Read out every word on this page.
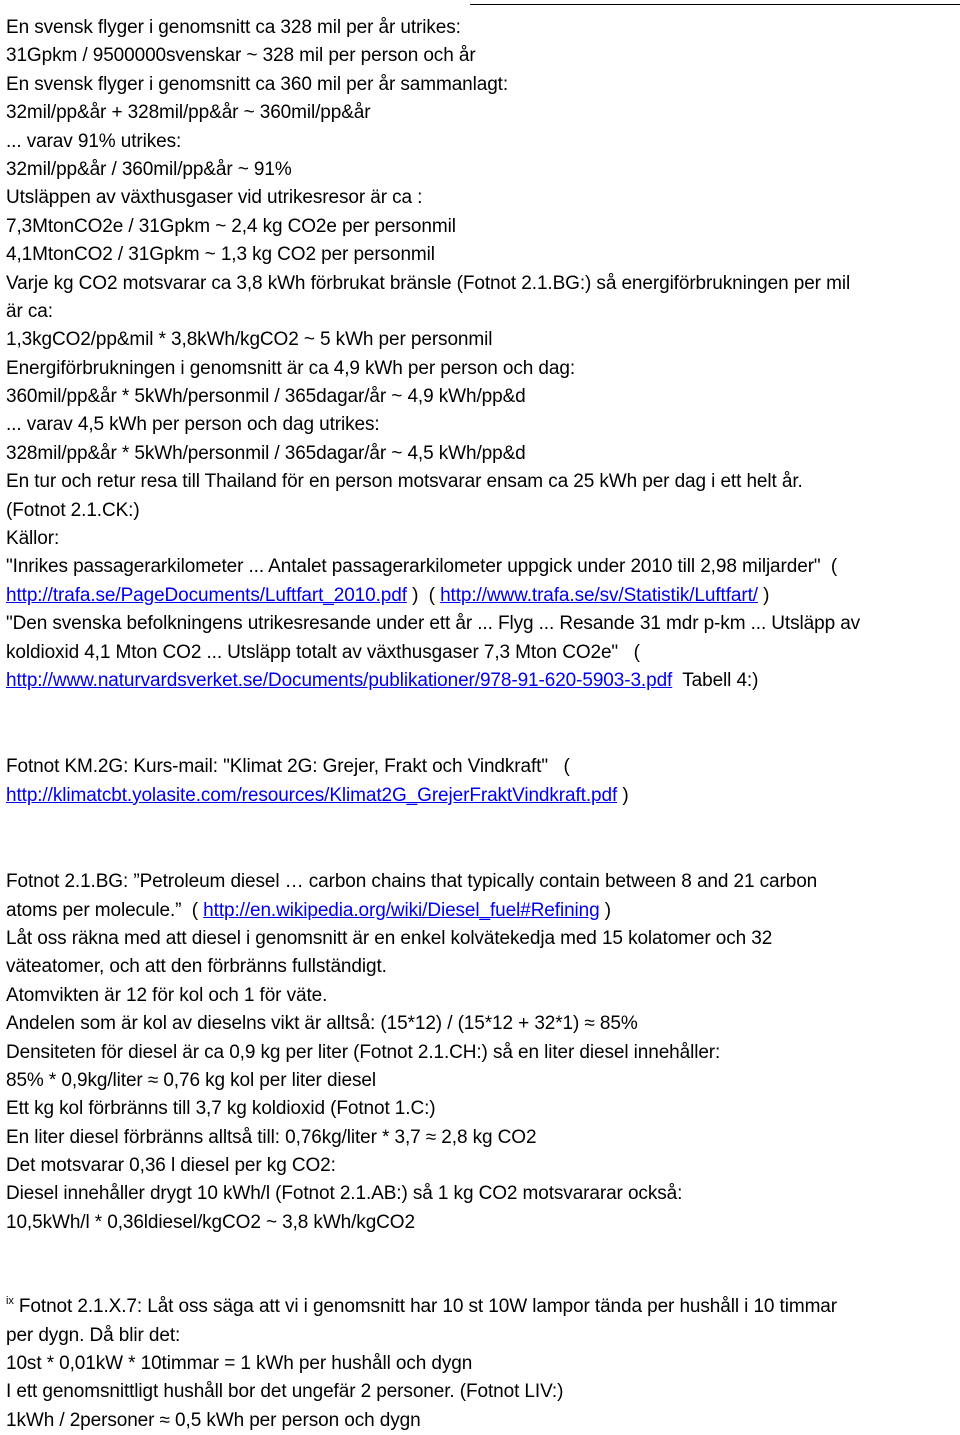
En svensk flyger i genomsnitt ca 328 mil per år utrikes:
31Gpkm / 9500000svenskar ~ 328 mil per person och år
En svensk flyger i genomsnitt ca 360 mil per år sammanlagt:
32mil/pp&år + 328mil/pp&år ~ 360mil/pp&år
... varav 91% utrikes:
32mil/pp&år / 360mil/pp&år ~ 91%
Utsläppen av växthusgaser vid utrikesresor är ca :
7,3MtonCO2e / 31Gpkm ~ 2,4 kg CO2e per personmil
4,1MtonCO2 / 31Gpkm ~ 1,3 kg CO2 per personmil
Varje kg CO2 motsvarar ca 3,8 kWh förbrukat bränsle (Fotnot 2.1.BG:) så energiförbrukningen per mil
är ca:
1,3kgCO2/pp&mil * 3,8kWh/kgCO2 ~ 5 kWh per personmil
Energiförbrukningen i genomsnitt är ca 4,9 kWh per person och dag:
360mil/pp&år * 5kWh/personmil / 365dagar/år ~ 4,9 kWh/pp&d
... varav 4,5 kWh per person och dag utrikes:
328mil/pp&år * 5kWh/personmil / 365dagar/år ~ 4,5 kWh/pp&d
En tur och retur resa till Thailand för en person motsvarar ensam ca 25 kWh per dag i ett helt år.
(Fotnot 2.1.CK:)
Källor:
"Inrikes passagerarkilometer ... Antalet passagerarkilometer uppgick under 2010 till 2,98 miljarder"  (
http://trafa.se/PageDocuments/Luftfart_2010.pdf )  ( http://www.trafa.se/sv/Statistik/Luftfart/ )
"Den svenska befolkningens utrikesresande under ett år ... Flyg ... Resande 31 mdr p-km ... Utsläpp av
koldioxid 4,1 Mton CO2 ... Utsläpp totalt av växthusgaser 7,3 Mton CO2e"   (
http://www.naturvardsverket.se/Documents/publikationer/978-91-620-5903-3.pdf  Tabell 4:)
Fotnot KM.2G: Kurs-mail: "Klimat 2G: Grejer, Frakt och Vindkraft"   (
http://klimatcbt.yolasite.com/resources/Klimat2G_GrejerFraktVindkraft.pdf )
Fotnot 2.1.BG: ”Petroleum diesel … carbon chains that typically contain between 8 and 21 carbon
atoms per molecule.”  ( http://en.wikipedia.org/wiki/Diesel_fuel#Refining )
Låt oss räkna med att diesel i genomsnitt är en enkel kolvätekedja med 15 kolatomer och 32
väteatomer, och att den förbränns fullständigt.
Atomvikten är 12 för kol och 1 för väte.
Andelen som är kol av dieselns vikt är alltså: (15*12) / (15*12 + 32*1) ≈ 85%
Densiteten för diesel är ca 0,9 kg per liter (Fotnot 2.1.CH:) så en liter diesel innehåller:
85% * 0,9kg/liter ≈ 0,76 kg kol per liter diesel
Ett kg kol förbränns till 3,7 kg koldioxid (Fotnot 1.C:)
En liter diesel förbränns alltså till: 0,76kg/liter * 3,7 ≈ 2,8 kg CO2
Det motsvarar 0,36 l diesel per kg CO2:
Diesel innehåller drygt 10 kWh/l (Fotnot 2.1.AB:) så 1 kg CO2 motsvararar också:
10,5kWh/l * 0,36ldiesel/kgCO2 ~ 3,8 kWh/kgCO2
$^{ix}$ Fotnot 2.1.X.7: Låt oss säga att vi i genomsnitt har 10 st 10W lampor tända per hushåll i 10 timmar
per dygn. Då blir det:
10st * 0,01kW * 10timmar = 1 kWh per hushåll och dygn
I ett genomsnittligt hushåll bor det ungefär 2 personer. (Fotnot LIV:)
1kWh / 2personer ≈ 0,5 kWh per person och dygn
